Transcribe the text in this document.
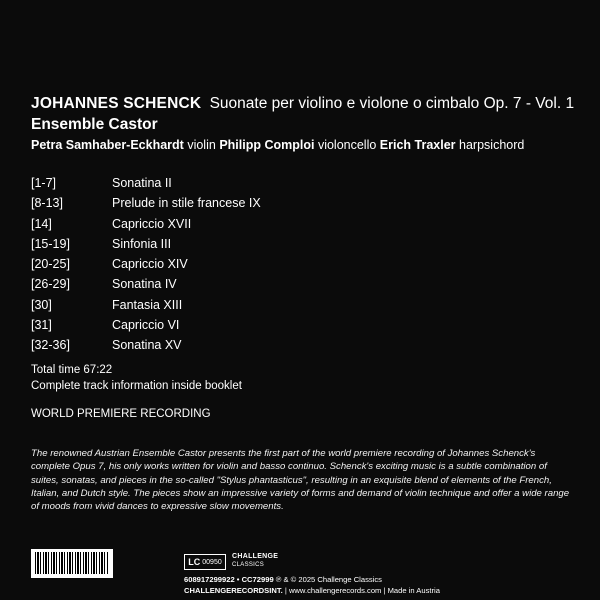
JOHANNES SCHENCK Suonate per violino e violone o cimbalo Op. 7 - Vol. 1
Ensemble Castor
Petra Samhaber-Eckhardt violin Philipp Comploi violoncello Erich Traxler harpsichord
[1-7]	Sonatina II
[8-13]	Prelude in stile francese IX
[14]	Capriccio XVII
[15-19]	Sinfonia III
[20-25]	Capriccio XIV
[26-29]	Sonatina IV
[30]	Fantasia XIII
[31]	Capriccio VI
[32-36]	Sonatina XV
Total time 67:22
Complete track information inside booklet
WORLD PREMIERE RECORDING
The renowned Austrian Ensemble Castor presents the first part of the world premiere recording of Johannes Schenck's complete Opus 7, his only works written for violin and basso continuo. Schenck's exciting music is a subtle combination of suites, sonatas, and pieces in the so-called "Stylus phantasticus", resulting in an exquisite blend of elements of the French, Italian, and Dutch style. The pieces show an impressive variety of forms and demand of violin technique and offer a wide range of moods from vivid dances to expressive slow movements.
LC 00950
CHALLENGE
CLASSICS
608917299922 • CC72999 ℗ & © 2025 Challenge Classics
CHALLENGERECORDSINT. | www.challengerecords.com | Made in Austria
